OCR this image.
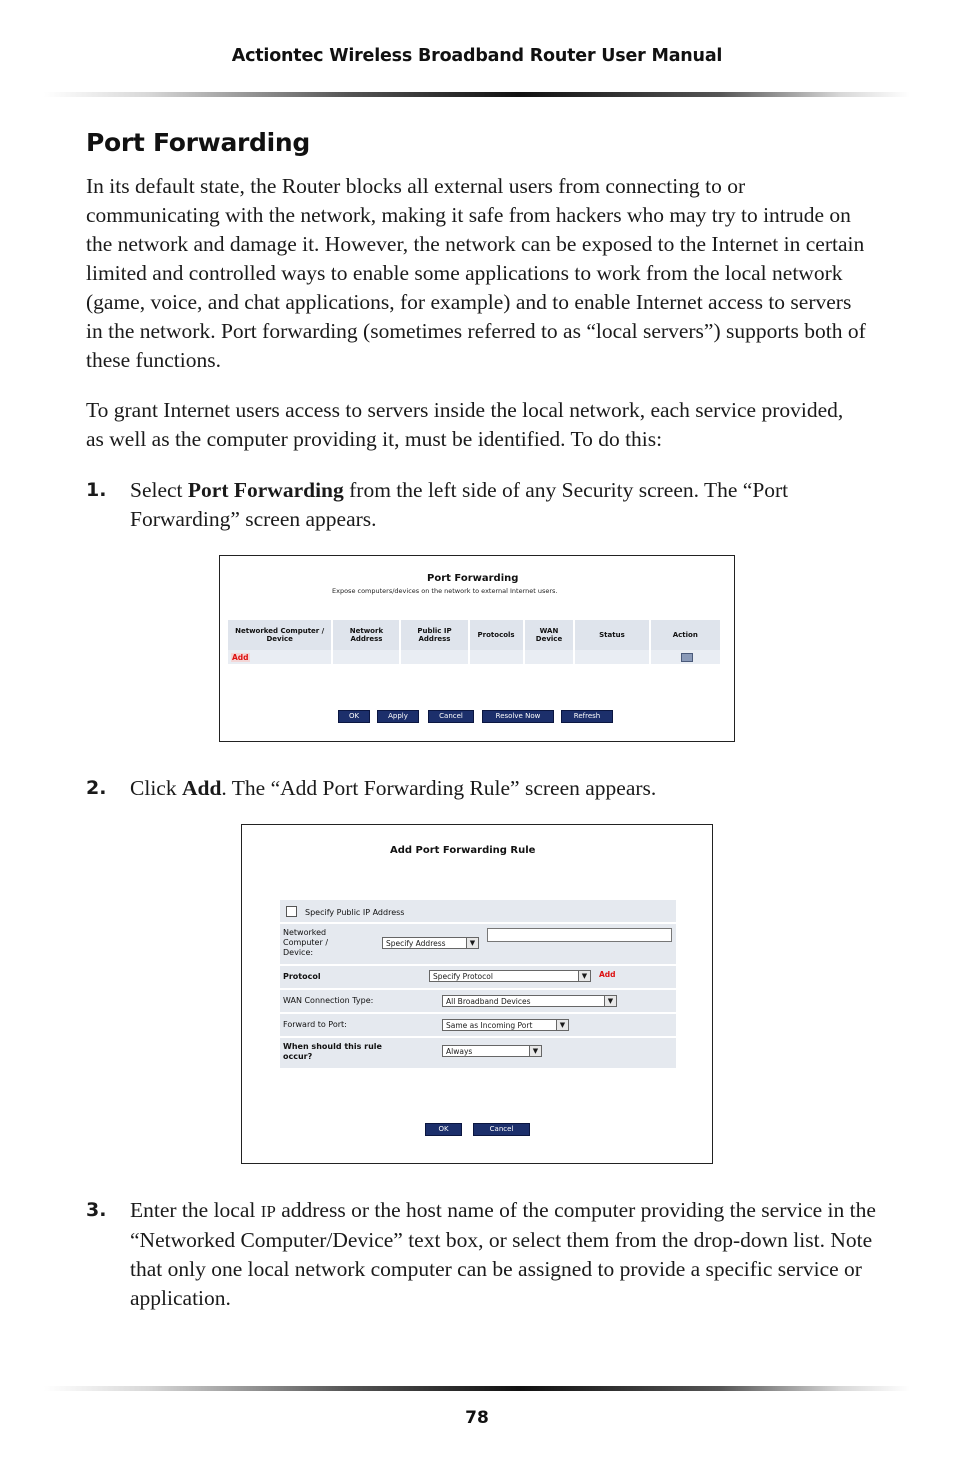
Actiontec Wireless Broadband Router User Manual
Port Forwarding

In its default state, the Router blocks all external users from connecting to or communicating with the network, making it safe from hackers who may try to intrude on the network and damage it. However, the network can be exposed to the Internet in certain limited and controlled ways to enable some applications to work from the local network (game, voice, and chat applications, for example) and to enable Internet access to servers in the network. Port forwarding (sometimes referred to as “local servers”) supports both of these functions.

To grant Internet users access to servers inside the local network, each service provided, as well as the computer providing it, must be identified. To do this:

1. Select Port Forwarding from the left side of any Security screen. The “Port Forwarding” screen appears.
Port Forwarding
Expose computers/devices on the network to external Internet users.
Networked Computer / Device	Network Address	Public IP Address	Protocols	WAN Device	Status	Action
Add						
OK	Apply	Cancel	Resolve Now	Refresh
2. Click Add. The “Add Port Forwarding Rule” screen appears.
Add Port Forwarding Rule
Specify Public IP Address
Networked Computer / Device:
Specify Address	▼
Protocol	Specify Protocol	▼	Add
WAN Connection Type:	All Broadband Devices	▼
Forward to Port:	Same as Incoming Port	▼
When should this rule occur?
Always	▼
OK	Cancel
3. Enter the local IP address or the host name of the computer providing the service in the “Networked Computer/Device” text box, or select them from the drop-down list. Note that only one local network computer can be assigned to provide a specific service or application.
78
